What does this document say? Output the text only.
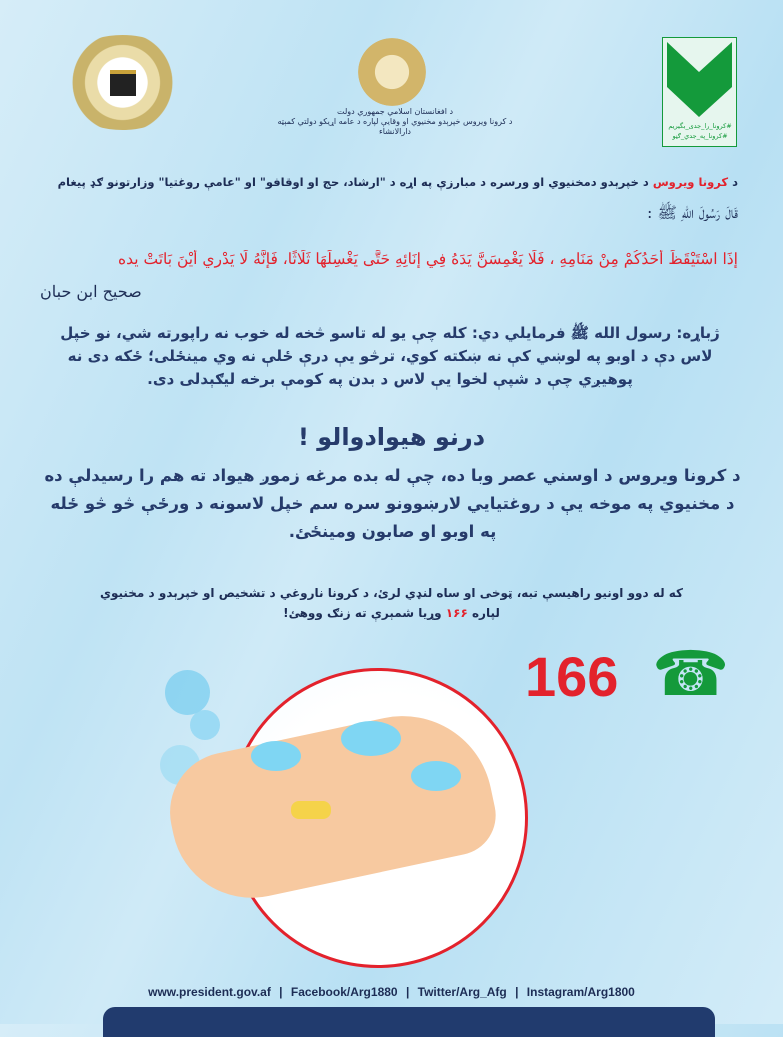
د افغانستان اسلامي جمهوري دولت
د کرونا ویروس خپرېدو مخنیوي او وقایې لپاره د عامه اړیکو دولتي کمېټه
دارالانشاء
#کرونا_را_جدی_بگیریم
#کرونا_په_جدي_ګڼو
د کرونا ویروس د خپرېدو دمخنیوي او ورسره د مبارزې په اړه د "ارشاد، حج او اوقافو" او "عامې روغتیا" وزارتونو ګډ پیغام
قَالَ رَسُولَ اللهِ ﷺ :
إِذَا اسْتَيْقَظَ أَحَدُكُمْ مِنْ مَنَامِهِ ، فَلَا يَغْمِسَنَّ يَدَهُ فِي إِنَائِهِ حَتَّى يَغْسِلَهَا ثَلَاثًا، فَإِنَّهُ لَا يَدْرِي أَيْنَ بَاتَتْ يده
صحیح ابن حبان
ژباړه: رسول الله ﷺ فرمایلي دي: کله چې یو له تاسو څخه له خوب نه راپورته شي، نو خپل لاس دې د اوبو په لوښي کې نه ښکته کوي، ترڅو یې درې ځلې نه وي مینځلی؛ ځکه دی نه پوهیږي چې د شپې لخوا یې لاس د بدن په کومې برخه لیګېدلی دی.
درنو هیوادوالو !
د کرونا ویروس د اوسني عصر وبا ده، چې له بده مرغه زموږ هیواد ته هم را رسیدلې ده د مخنیوي په موخه یې د روغتیایي لارښوونو سره سم خپل لاسونه د ورځې څو څو ځله په اوبو او صابون ومینځئ.
که له دوو اونیو راهیسې تبه، ټوخی او ساه لنډي لرئ، د کرونا ناروغي د تشخیص او خپرېدو د مخنیوي
لپاره ۱۶۶ وړیا شمېرې ته زنګ ووهئ!
166 ☎
www.president.gov.af | Facebook/Arg1880 | Twitter/Arg_Afg | Instagram/Arg1800
